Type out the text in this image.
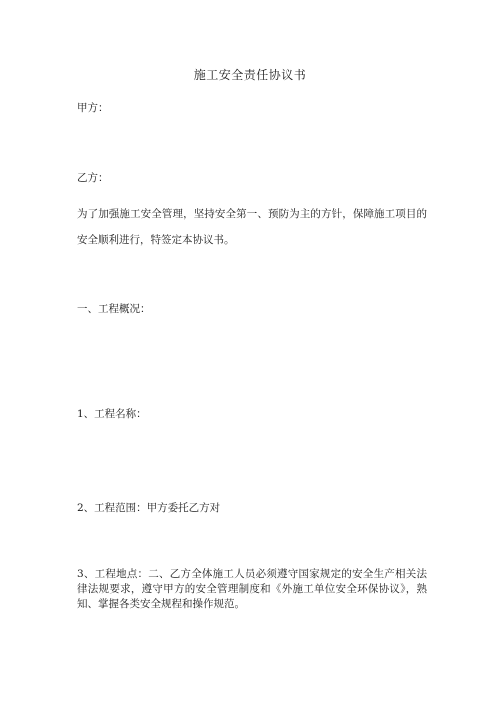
施工安全责任协议书
甲方：
乙方：
为了加强施工安全管理，坚持安全第一、预防为主的方针，保障施工项目的安全顺利进行，特签定本协议书。
一、工程概况：
1、工程名称：
2、工程范围：甲方委托乙方对
3、工程地点：二、乙方全体施工人员必须遵守国家规定的安全生产相关法律法规要求，遵守甲方的安全管理制度和《外施工单位安全环保协议》，熟知、掌握各类安全规程和操作规范。
